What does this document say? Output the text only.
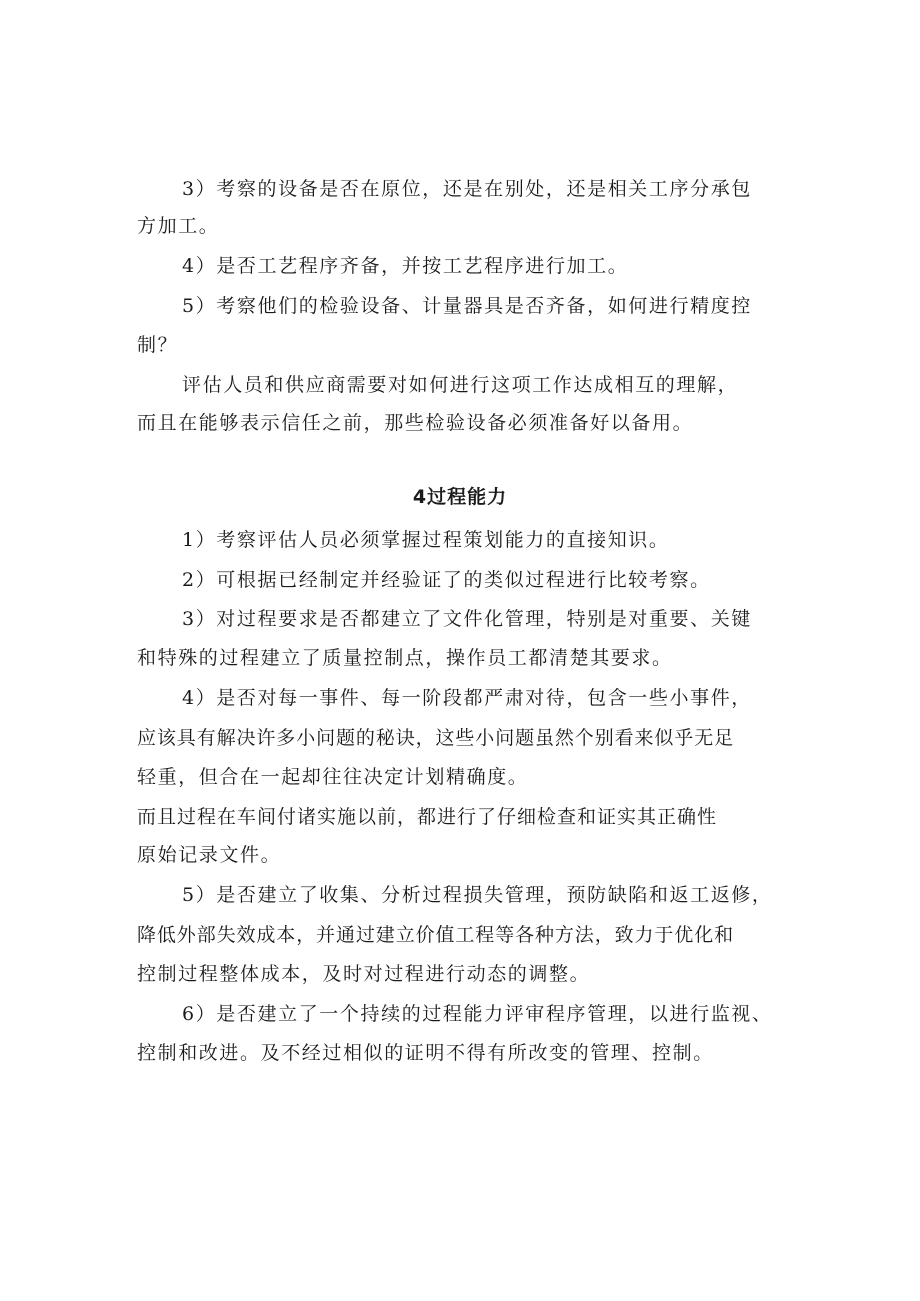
3）考察的设备是否在原位，还是在别处，还是相关工序分承包
方加工。
4）是否工艺程序齐备，并按工艺程序进行加工。
5）考察他们的检验设备、计量器具是否齐备，如何进行精度控
制？
评估人员和供应商需要对如何进行这项工作达成相互的理解，
而且在能够表示信任之前，那些检验设备必须准备好以备用。
4过程能力
1）考察评估人员必须掌握过程策划能力的直接知识。
2）可根据已经制定并经验证了的类似过程进行比较考察。
3）对过程要求是否都建立了文件化管理，特别是对重要、关键
和特殊的过程建立了质量控制点，操作员工都清楚其要求。
4）是否对每一事件、每一阶段都严肃对待，包含一些小事件，
应该具有解决许多小问题的秘诀，这些小问题虽然个别看来似乎无足
轻重，但合在一起却往往决定计划精确度。
而且过程在车间付诸实施以前，都进行了仔细检查和证实其正确性
原始记录文件。
5）是否建立了收集、分析过程损失管理，预防缺陷和返工返修，
降低外部失效成本，并通过建立价值工程等各种方法，致力于优化和
控制过程整体成本，及时对过程进行动态的调整。
6）是否建立了一个持续的过程能力评审程序管理，以进行监视、
控制和改进。及不经过相似的证明不得有所改变的管理、控制。
